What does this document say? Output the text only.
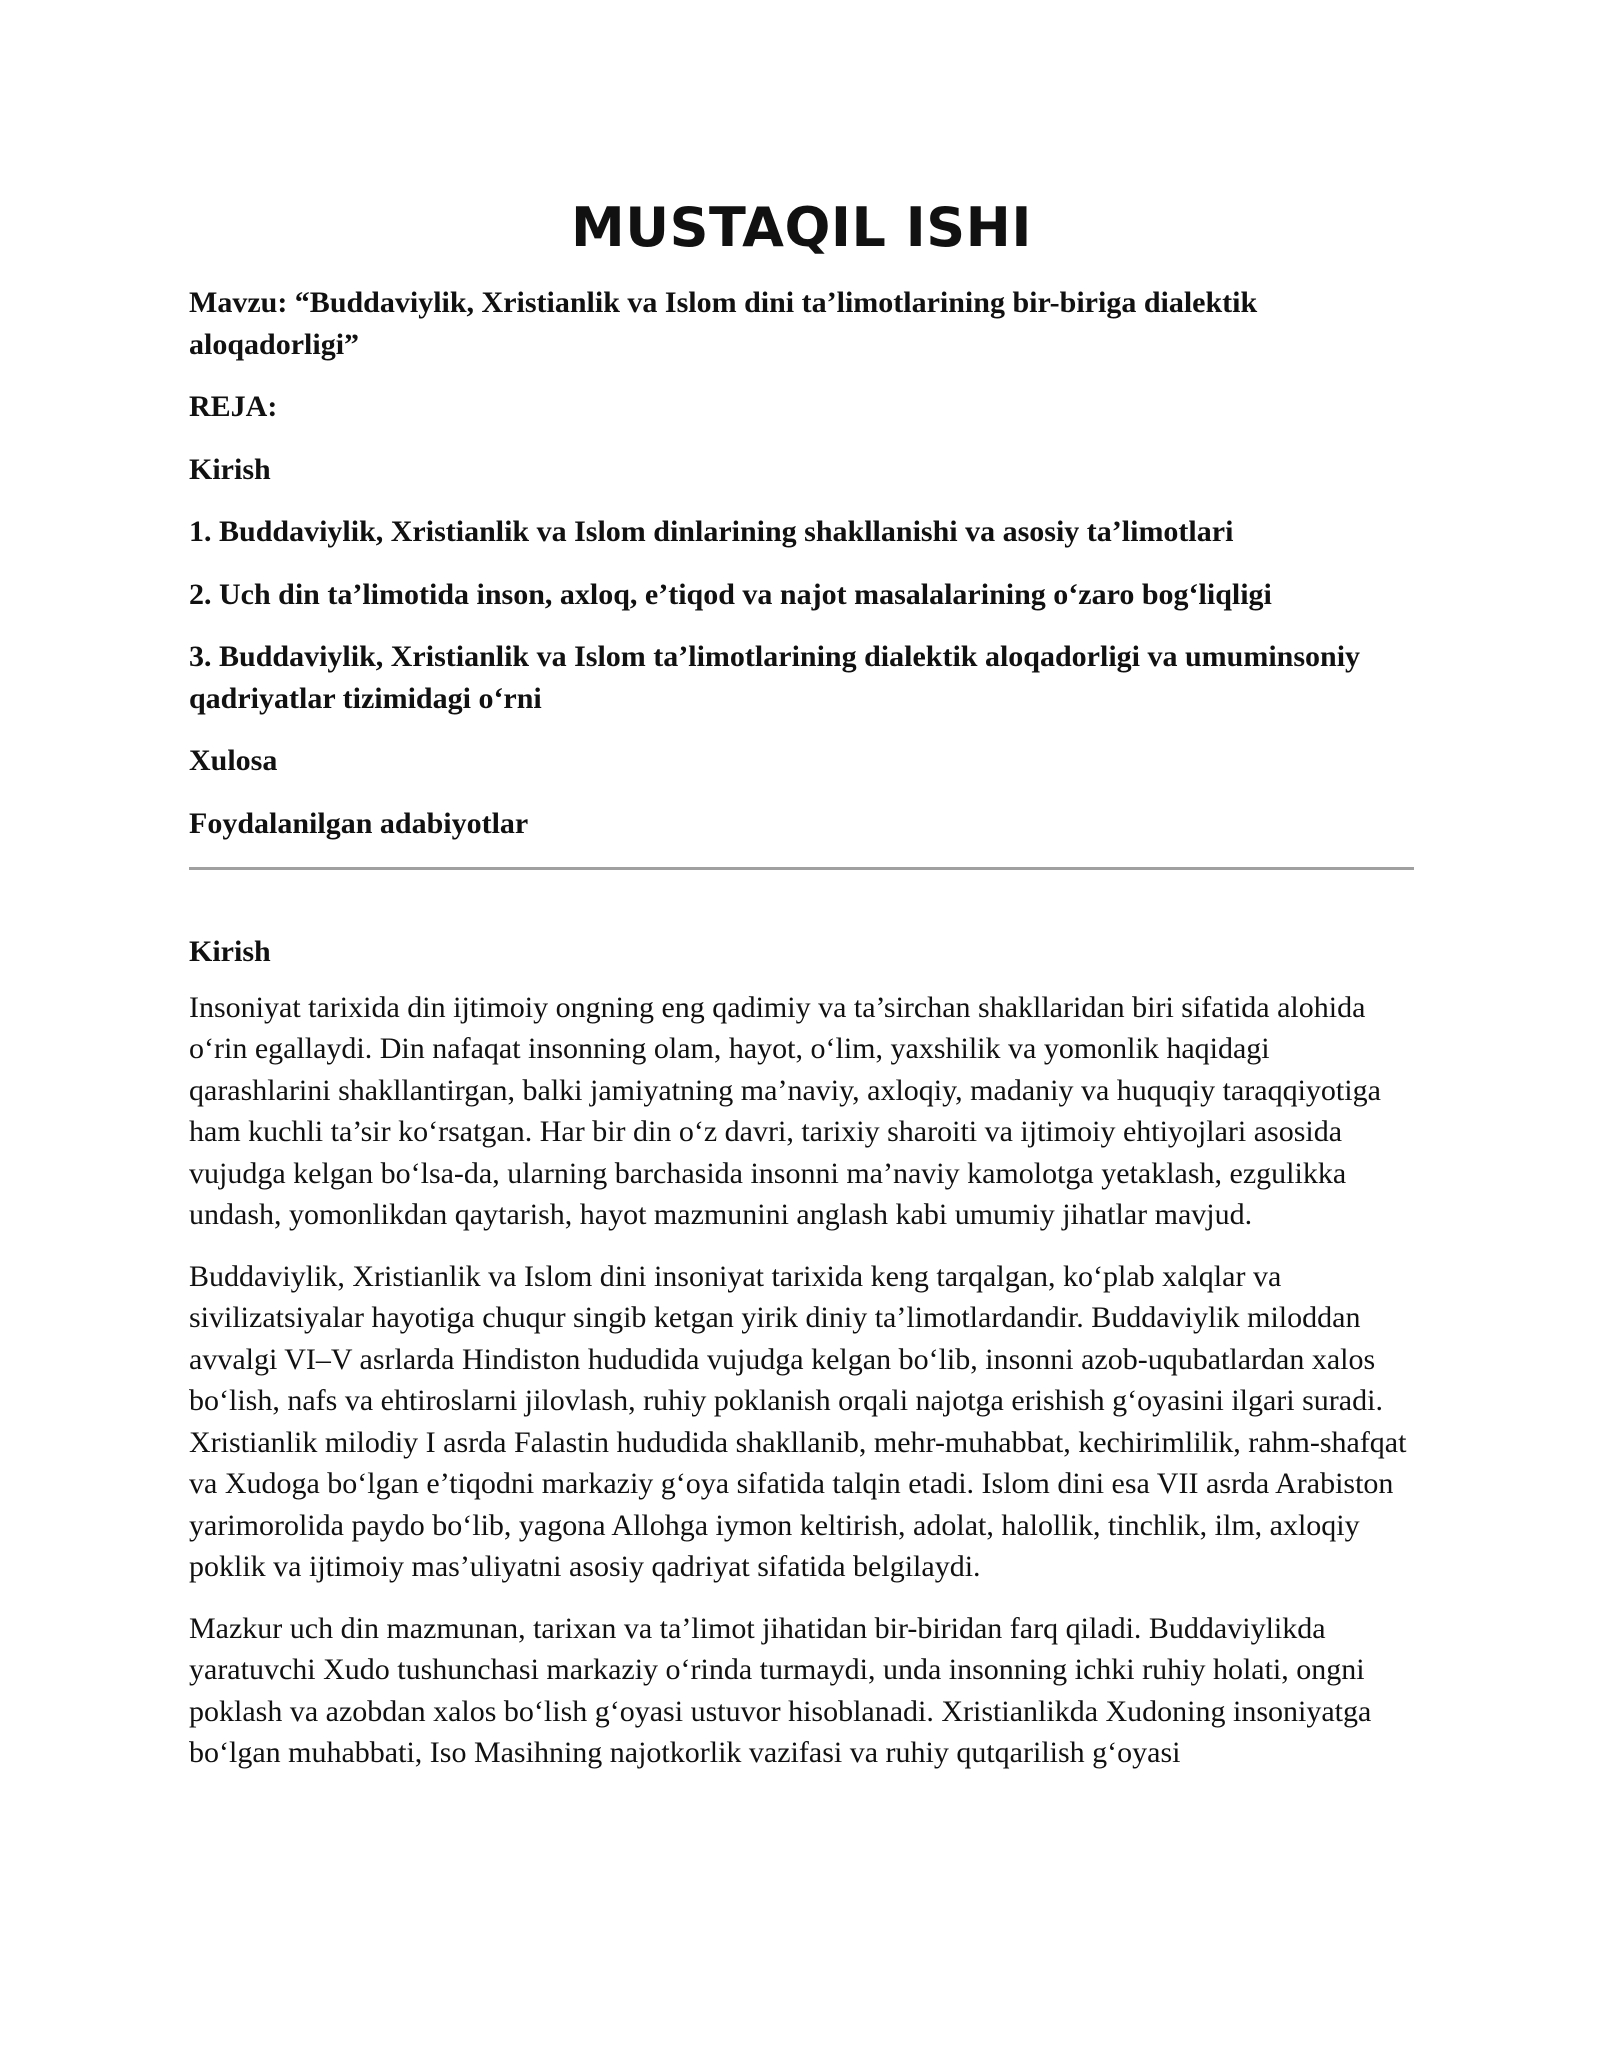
MUSTAQIL ISHI
Mavzu: “Buddaviylik, Xristianlik va Islom dini ta’limotlarining bir-biriga dialektik aloqadorligi”
REJA:
Kirish
1. Buddaviylik, Xristianlik va Islom dinlarining shakllanishi va asosiy ta’limotlari
2. Uch din ta’limotida inson, axloq, e’tiqod va najot masalalarining o‘zaro bog‘liqligi
3. Buddaviylik, Xristianlik va Islom ta’limotlarining dialektik aloqadorligi va umuminsoniy qadriyatlar tizimidagi o‘rni
Xulosa
Foydalanilgan adabiyotlar
Kirish
Insoniyat tarixida din ijtimoiy ongning eng qadimiy va ta’sirchan shakllaridan biri sifatida alohida o‘rin egallaydi. Din nafaqat insonning olam, hayot, o‘lim, yaxshilik va yomonlik haqidagi qarashlarini shakllantirgan, balki jamiyatning ma’naviy, axloqiy, madaniy va huquqiy taraqqiyotiga ham kuchli ta’sir ko‘rsatgan. Har bir din o‘z davri, tarixiy sharoiti va ijtimoiy ehtiyojlari asosida vujudga kelgan bo‘lsa-da, ularning barchasida insonni ma’naviy kamolotga yetaklash, ezgulikka undash, yomonlikdan qaytarish, hayot mazmunini anglash kabi umumiy jihatlar mavjud.
Buddaviylik, Xristianlik va Islom dini insoniyat tarixida keng tarqalgan, ko‘plab xalqlar va sivilizatsiyalar hayotiga chuqur singib ketgan yirik diniy ta’limotlardandir. Buddaviylik miloddan avvalgi VI–V asrlarda Hindiston hududida vujudga kelgan bo‘lib, insonni azob-uqubatlardan xalos bo‘lish, nafs va ehtiroslarni jilovlash, ruhiy poklanish orqali najotga erishish g‘oyasini ilgari suradi. Xristianlik milodiy I asrda Falastin hududida shakllanib, mehr-muhabbat, kechirimlilik, rahm-shafqat va Xudoga bo‘lgan e’tiqodni markaziy g‘oya sifatida talqin etadi. Islom dini esa VII asrda Arabiston yarimorolida paydo bo‘lib, yagona Allohga iymon keltirish, adolat, halollik, tinchlik, ilm, axloqiy poklik va ijtimoiy mas’uliyatni asosiy qadriyat sifatida belgilaydi.
Mazkur uch din mazmunan, tarixan va ta’limot jihatidan bir-biridan farq qiladi. Buddaviylikda yaratuvchi Xudo tushunchasi markaziy o‘rinda turmaydi, unda insonning ichki ruhiy holati, ongni poklash va azobdan xalos bo‘lish g‘oyasi ustuvor hisoblanadi. Xristianlikda Xudoning insoniyatga bo‘lgan muhabbati, Iso Masihning najotkorlik vazifasi va ruhiy qutqarilish g‘oyasi
